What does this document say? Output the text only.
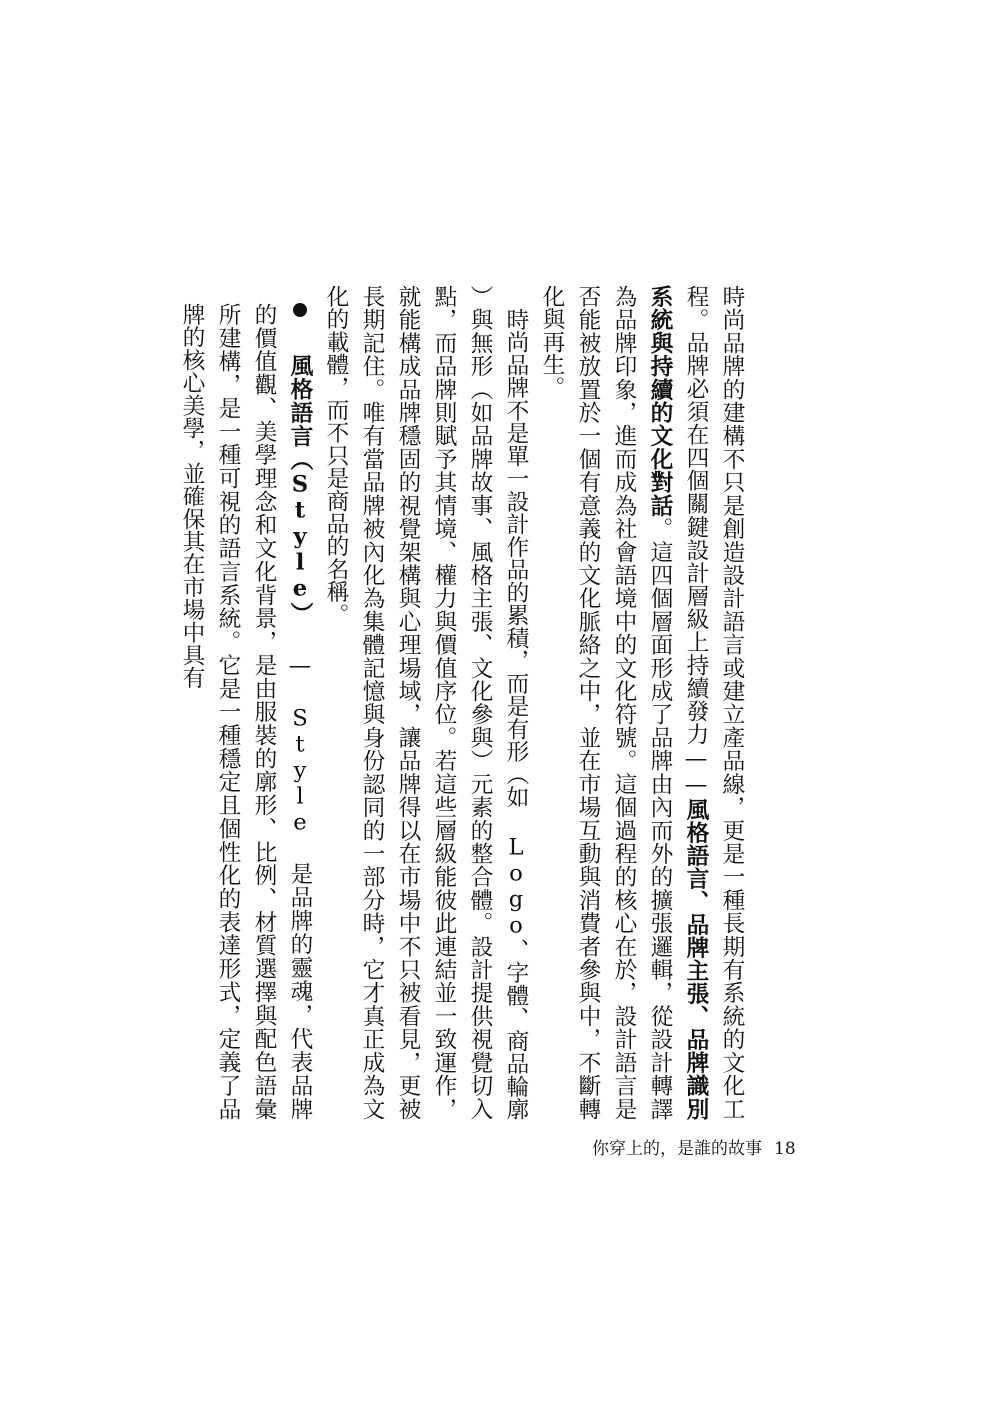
時尚品牌的建構不只是創造設計語言或建立產品線，更是一種長期有系統的文化工程。品牌必須在四個關鍵設計層級上持續發力——風格語言、品牌主張、品牌識別系統與持續的文化對話。這四個層面形成了品牌由內而外的擴張邏輯，從設計轉譯為品牌印象，進而成為社會語境中的文化符號。這個過程的核心在於，設計語言是否能被放置於一個有意義的文化脈絡之中，並在市場互動與消費者參與中，不斷轉化與再生。

時尚品牌不是單一設計作品的累積，而是有形（如 Logo、字體、商品輪廓）與無形（如品牌故事、風格主張、文化參與）元素的整合體。設計提供視覺切入點，而品牌則賦予其情境、權力與價值序位。若這些層級能彼此連結並一致運作，就能構成品牌穩固的視覺架構與心理場域，讓品牌得以在市場中不只被看見，更被長期記住。唯有當品牌被內化為集體記憶與身份認同的一部分時，它才真正成為文化的載體，而不只是商品的名稱。

風格語言（Style） — Style 是品牌的靈魂，代表品牌的價值觀、美學理念和文化背景，是由服裝的廓形、比例、材質選擇與配色語彙所建構，是一種可視的語言系統。它是一種穩定且個性化的表達形式，定義了品牌的核心美學，並確保其在市場中具有

你穿上的，是誰的故事 18
